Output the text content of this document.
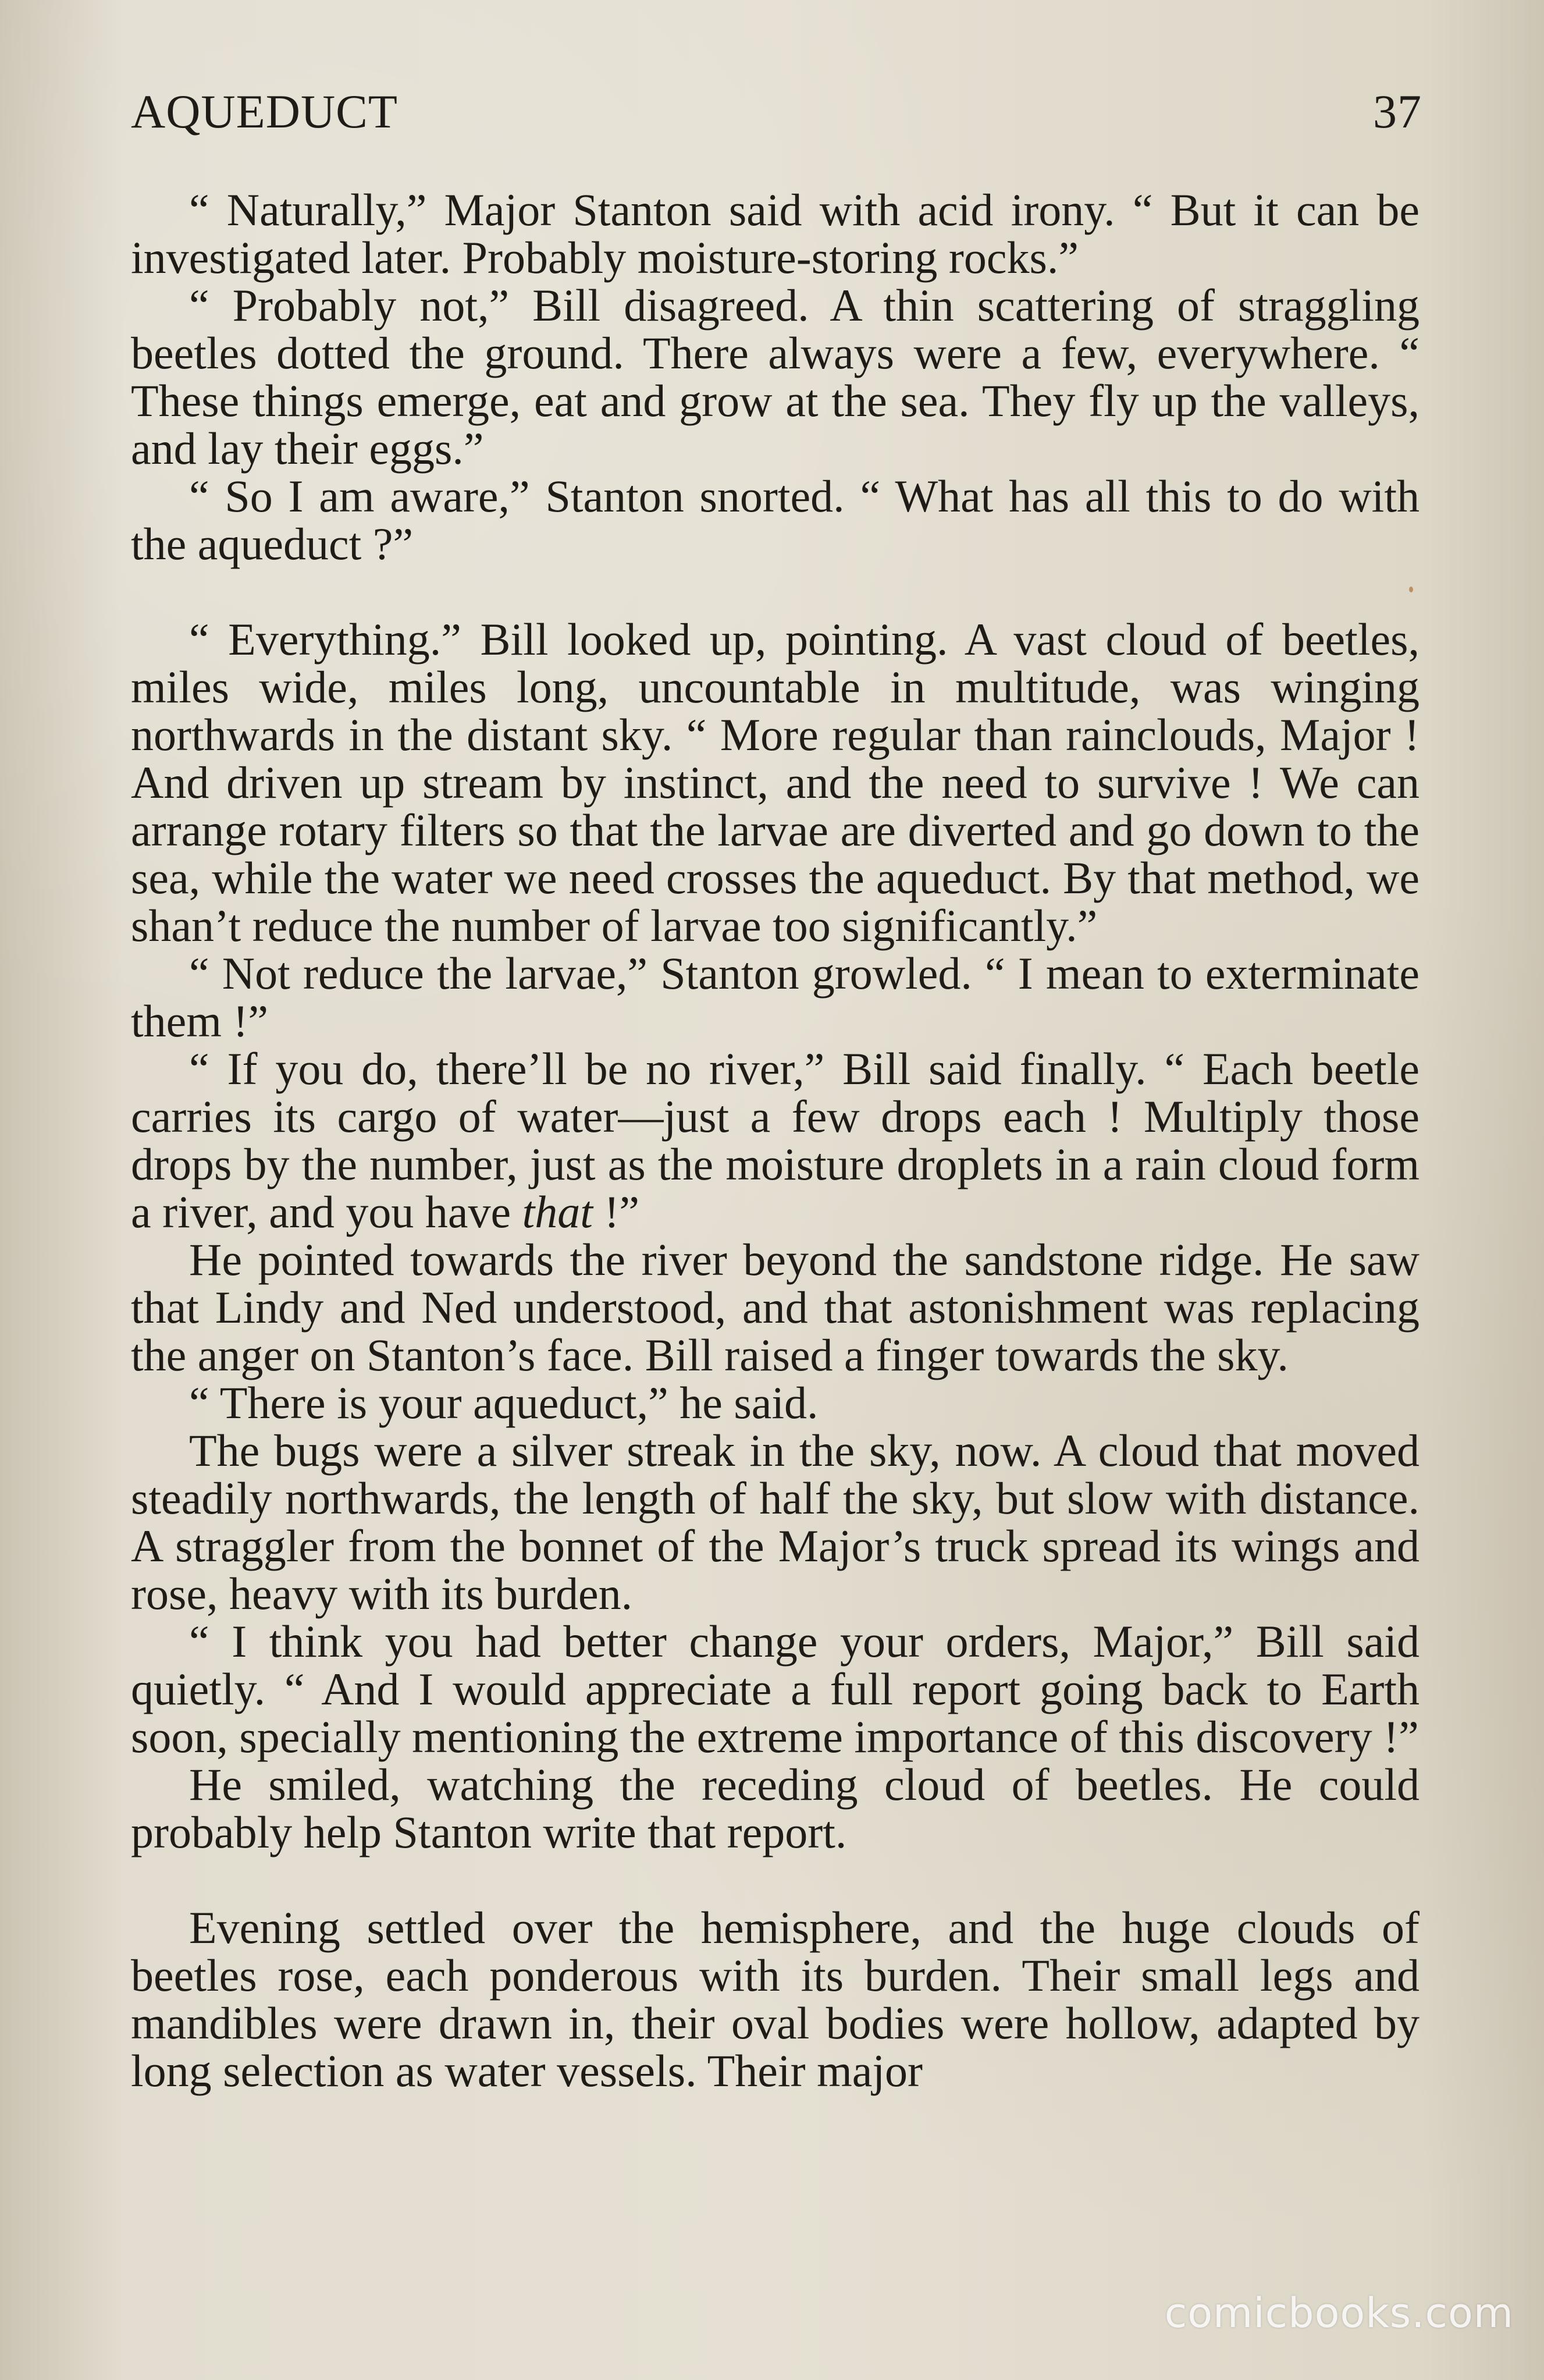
AQUEDUCT	37

“ Naturally,” Major Stanton said with acid irony. “ But it can be investigated later. Probably moisture-storing rocks.”

“ Probably not,” Bill disagreed. A thin scattering of straggling beetles dotted the ground. There always were a few, everywhere. “ These things emerge, eat and grow at the sea. They fly up the valleys, and lay their eggs.”

“ So I am aware,” Stanton snorted. “ What has all this to do with the aqueduct ?”

“ Everything.” Bill looked up, pointing. A vast cloud of beetles, miles wide, miles long, uncountable in multitude, was winging northwards in the distant sky. “ More regular than rainclouds, Major ! And driven up stream by instinct, and the need to survive ! We can arrange rotary filters so that the larvae are diverted and go down to the sea, while the water we need crosses the aqueduct. By that method, we shan’t reduce the number of larvae too significantly.”

“ Not reduce the larvae,” Stanton growled. “ I mean to exterminate them !”

“ If you do, there’ll be no river,” Bill said finally. “ Each beetle carries its cargo of water—just a few drops each ! Multiply those drops by the number, just as the moisture droplets in a rain cloud form a river, and you have that !”

He pointed towards the river beyond the sandstone ridge. He saw that Lindy and Ned understood, and that astonishment was replacing the anger on Stanton’s face. Bill raised a finger towards the sky.

“ There is your aqueduct,” he said.

The bugs were a silver streak in the sky, now. A cloud that moved steadily northwards, the length of half the sky, but slow with distance. A straggler from the bonnet of the Major’s truck spread its wings and rose, heavy with its burden.

“ I think you had better change your orders, Major,” Bill said quietly. “ And I would appreciate a full report going back to Earth soon, specially mentioning the extreme importance of this discovery !”

He smiled, watching the receding cloud of beetles. He could probably help Stanton write that report.

Evening settled over the hemisphere, and the huge clouds of beetles rose, each ponderous with its burden. Their small legs and mandibles were drawn in, their oval bodies were hollow, adapted by long selection as water vessels. Their major

comicbooks.com
